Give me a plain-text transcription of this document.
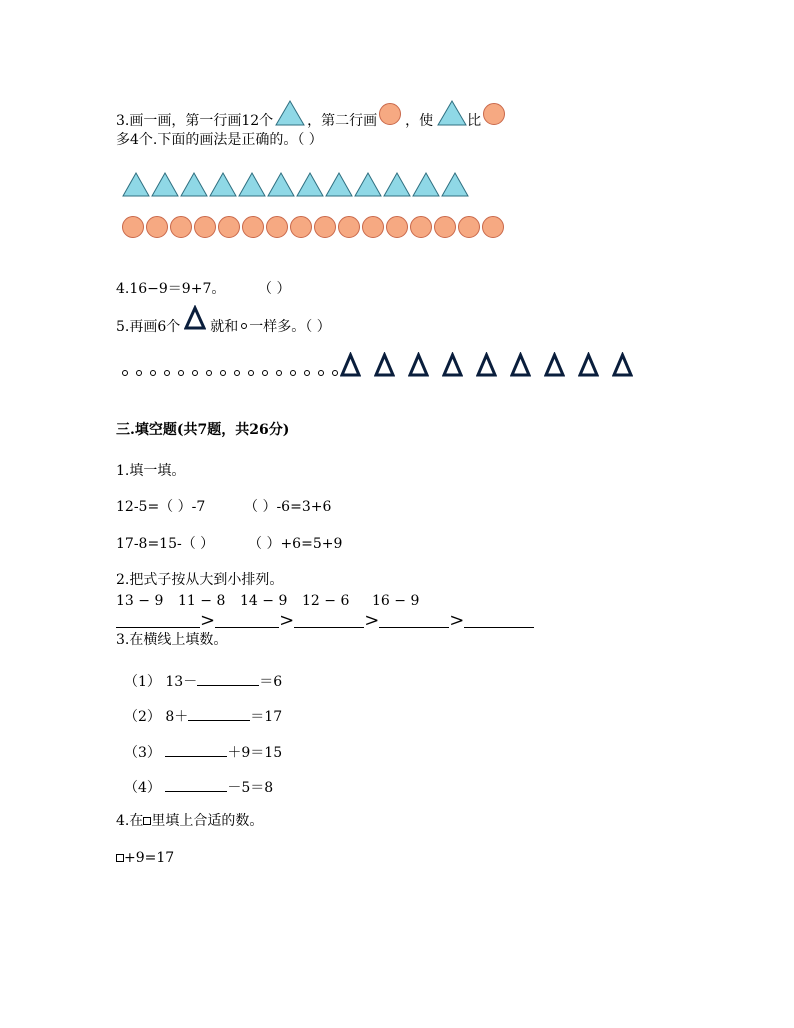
3.画一画，第一行画12个 ，第二行画 ，使 比
多4个.下面的画法是正确的。（ ）
4.16−9＝9+7。 （ ）
5.再画6个 就和 一样多。（ ）
三.填空题(共7题，共26分)
1.填一填。
12-5=（ ）-7	（ ）-6=3+6
17-8=15-（ ） （ ）+6=5+9
2.把式子按从大到小排列。
13 − 9 11 − 8 14 − 9 12 − 6 16 − 9
>	>	>	>
3.在横线上填数。
（1） 13－	＝6
（2） 8＋	＝17
（3）	＋9＝15
（4）	－5＝8
4.在 里填上合适的数。
+9=17
